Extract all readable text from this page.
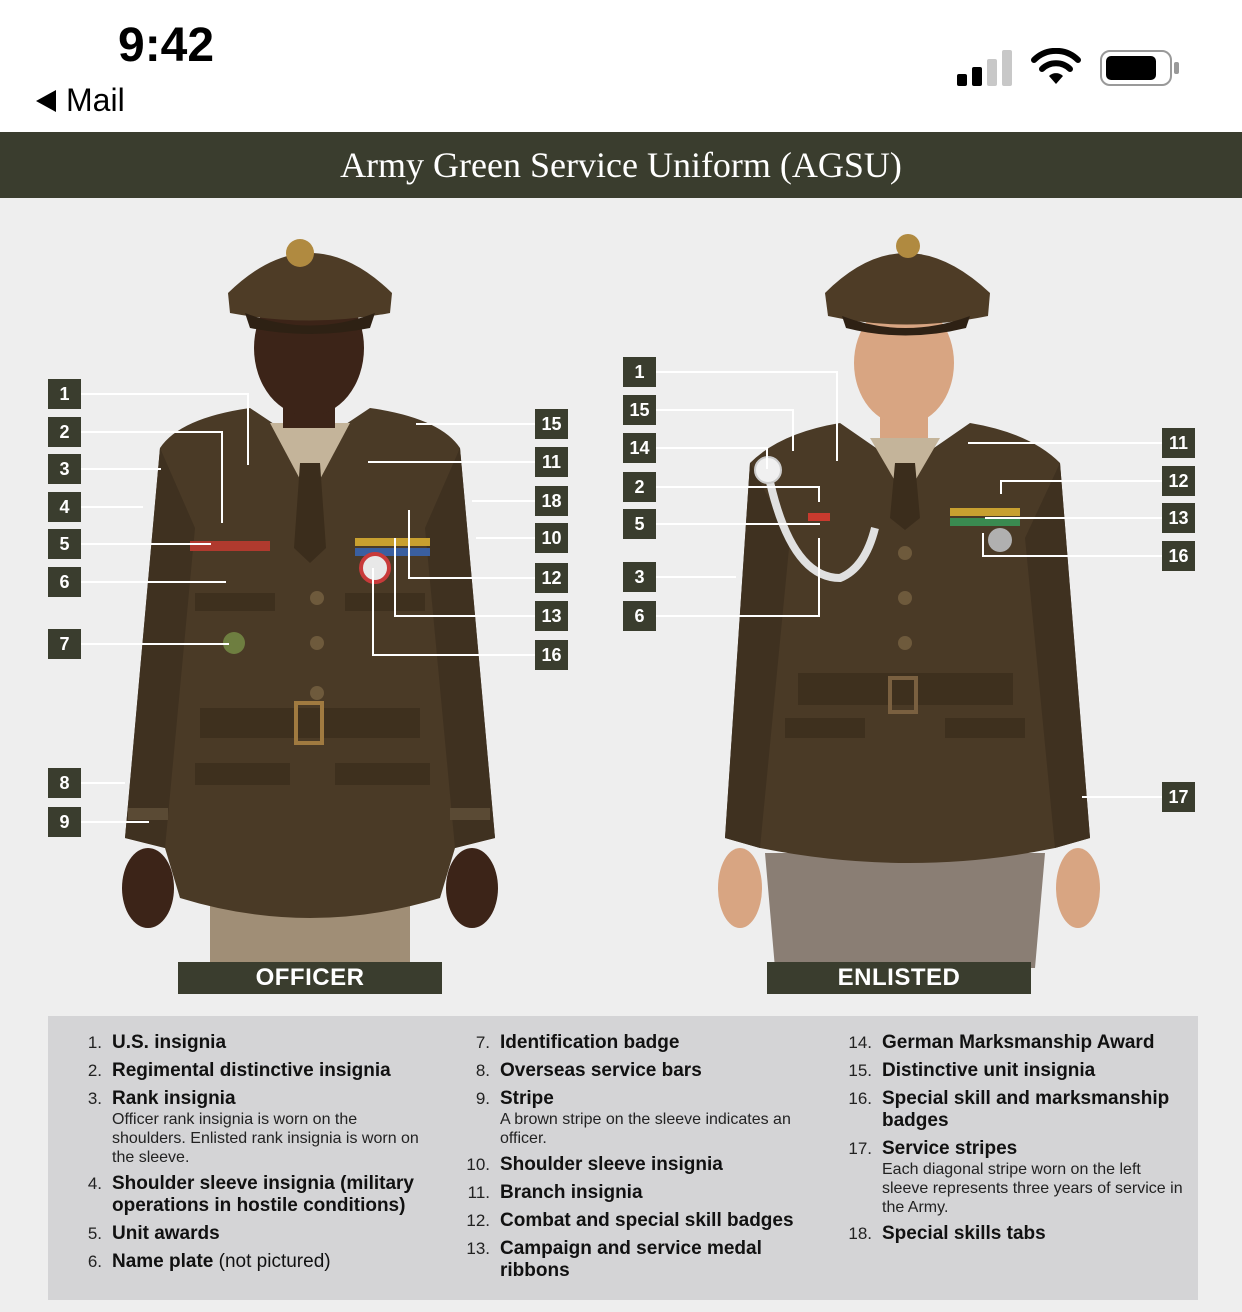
9:42
Mail
Army Green Service Uniform (AGSU)
1
2
3
4
5
6
7
8
9
15
11
18
10
12
13
16
1
15
14
2
5
3
6
11
12
13
16
17
OFFICER	ENLISTED
1. U.S. insignia
2. Regimental distinctive insignia
3. Rank insignia
Officer rank insignia is worn on the shoulders. Enlisted rank insignia is worn on the sleeve.
4. Shoulder sleeve insignia (military operations in hostile conditions)
5. Unit awards
6. Name plate (not pictured)
7. Identification badge
8. Overseas service bars
9. Stripe
A brown stripe on the sleeve indicates an officer.
10. Shoulder sleeve insignia
11. Branch insignia
12. Combat and special skill badges
13. Campaign and service medal ribbons
14. German Marksmanship Award
15. Distinctive unit insignia
16. Special skill and marksmanship badges
17. Service stripes
Each diagonal stripe worn on the left sleeve represents three years of service in the Army.
18. Special skills tabs
